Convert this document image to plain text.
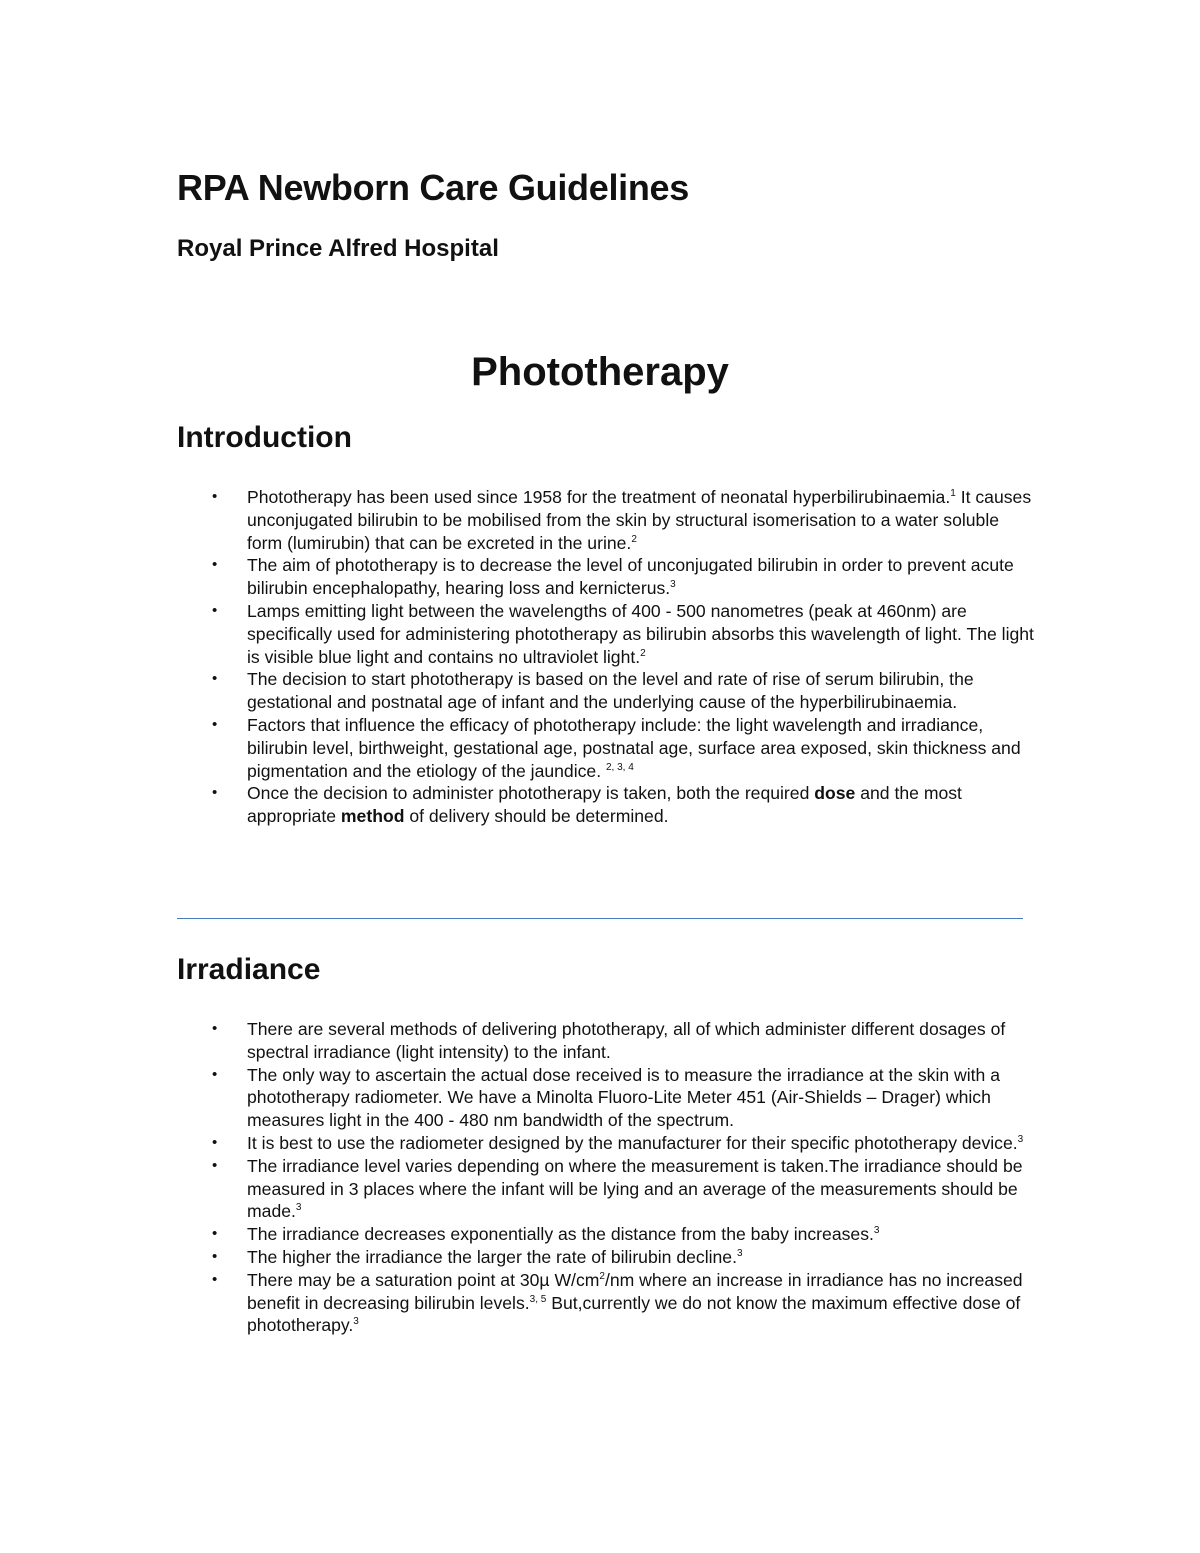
RPA Newborn Care Guidelines
Royal Prince Alfred Hospital
Phototherapy
Introduction
• Phototherapy has been used since 1958 for the treatment of neonatal hyperbilirubinaemia.$^1$ It causes unconjugated bilirubin to be mobilised from the skin by structural isomerisation to a water soluble form (lumirubin) that can be excreted in the urine.$^2$
• The aim of phototherapy is to decrease the level of unconjugated bilirubin in order to prevent acute bilirubin encephalopathy, hearing loss and kernicterus.$^3$
• Lamps emitting light between the wavelengths of 400 - 500 nanometres (peak at 460nm) are specifically used for administering phototherapy as bilirubin absorbs this wavelength of light. The light is visible blue light and contains no ultraviolet light.$^2$
• The decision to start phototherapy is based on the level and rate of rise of serum bilirubin, the gestational and postnatal age of infant and the underlying cause of the hyperbilirubinaemia.
• Factors that influence the efficacy of phototherapy include: the light wavelength and irradiance, bilirubin level, birthweight, gestational age, postnatal age, surface area exposed, skin thickness and pigmentation and the etiology of the jaundice. $^{2, 3, 4}$
• Once the decision to administer phototherapy is taken, both the required dose and the most appropriate method of delivery should be determined.
Irradiance
• There are several methods of delivering phototherapy, all of which administer different dosages of spectral irradiance (light intensity) to the infant.
• The only way to ascertain the actual dose received is to measure the irradiance at the skin with a phototherapy radiometer. We have a Minolta Fluoro-Lite Meter 451 (Air-Shields – Drager) which measures light in the 400 - 480 nm bandwidth of the spectrum.
• It is best to use the radiometer designed by the manufacturer for their specific phototherapy device.$^3$
• The irradiance level varies depending on where the measurement is taken.The irradiance should be measured in 3 places where the infant will be lying and an average of the measurements should be made.$^3$
• The irradiance decreases exponentially as the distance from the baby increases.$^3$
• The higher the irradiance the larger the rate of bilirubin decline.$^3$
• There may be a saturation point at 30µ $W/cm^2/nm$ where an increase in irradiance has no increased benefit in decreasing bilirubin levels.$^{3, 5}$ But,currently we do not know the maximum effective dose of phototherapy.$^3$
